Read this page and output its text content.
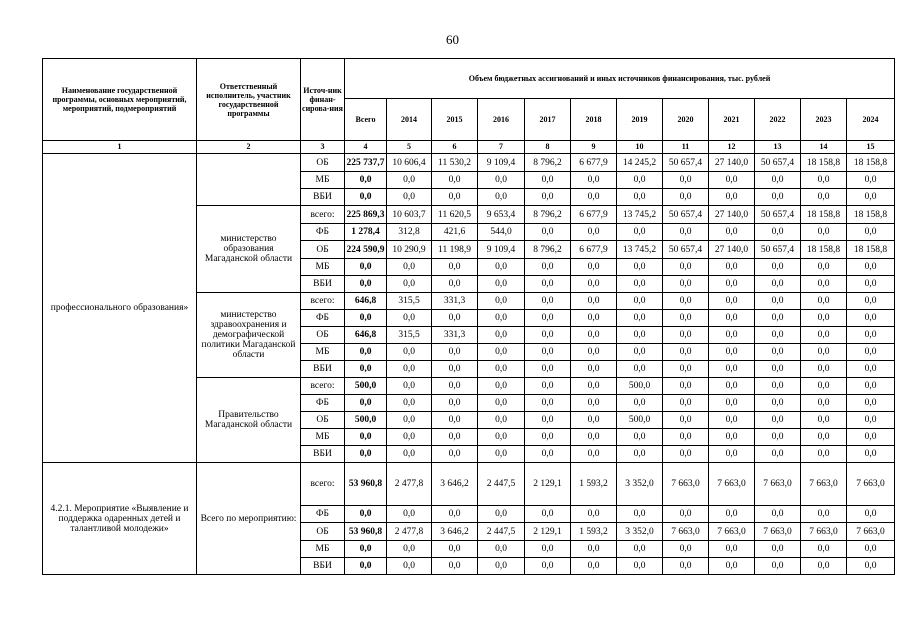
60
Наименование государственной программы, основных мероприятий, мероприятий, подмероприятий	Ответственный исполнитель, участник государственной программы	Источ-ник финан-сирова-ния	Объем бюджетных ассигнований и иных источников финансирования, тыс. рублей											
			Всего	2014	2015	2016	2017	2018	2019	2020	2021	2022	2023	2024
1	2	3	4	5	6	7	8	9	10	11	12	13	14	15
профессионального образования»		ОБ	225 737,7	10 606,4	11 530,2	9 109,4	8 796,2	6 677,9	14 245,2	50 657,4	27 140,0	50 657,4	18 158,8	18 158,8
		МБ	0,0	0,0	0,0	0,0	0,0	0,0	0,0	0,0	0,0	0,0	0,0	0,0
		ВБИ	0,0	0,0	0,0	0,0	0,0	0,0	0,0	0,0	0,0	0,0	0,0	0,0
	министерство образования Магаданской области	всего:	225 869,3	10 603,7	11 620,5	9 653,4	8 796,2	6 677,9	13 745,2	50 657,4	27 140,0	50 657,4	18 158,8	18 158,8
		ФБ	1 278,4	312,8	421,6	544,0	0,0	0,0	0,0	0,0	0,0	0,0	0,0	0,0
		ОБ	224 590,9	10 290,9	11 198,9	9 109,4	8 796,2	6 677,9	13 745,2	50 657,4	27 140,0	50 657,4	18 158,8	18 158,8
		МБ	0,0	0,0	0,0	0,0	0,0	0,0	0,0	0,0	0,0	0,0	0,0	0,0
		ВБИ	0,0	0,0	0,0	0,0	0,0	0,0	0,0	0,0	0,0	0,0	0,0	0,0
	министерство здравоохранения и демографической политики Магаданской области	всего:	646,8	315,5	331,3	0,0	0,0	0,0	0,0	0,0	0,0	0,0	0,0	0,0
		ФБ	0,0	0,0	0,0	0,0	0,0	0,0	0,0	0,0	0,0	0,0	0,0	0,0
		ОБ	646,8	315,5	331,3	0,0	0,0	0,0	0,0	0,0	0,0	0,0	0,0	0,0
		МБ	0,0	0,0	0,0	0,0	0,0	0,0	0,0	0,0	0,0	0,0	0,0	0,0
		ВБИ	0,0	0,0	0,0	0,0	0,0	0,0	0,0	0,0	0,0	0,0	0,0	0,0
	Правительство Магаданской области	всего:	500,0	0,0	0,0	0,0	0,0	0,0	500,0	0,0	0,0	0,0	0,0	0,0
		ФБ	0,0	0,0	0,0	0,0	0,0	0,0	0,0	0,0	0,0	0,0	0,0	0,0
		ОБ	500,0	0,0	0,0	0,0	0,0	0,0	500,0	0,0	0,0	0,0	0,0	0,0
		МБ	0,0	0,0	0,0	0,0	0,0	0,0	0,0	0,0	0,0	0,0	0,0	0,0
		ВБИ	0,0	0,0	0,0	0,0	0,0	0,0	0,0	0,0	0,0	0,0	0,0	0,0
4.2.1. Мероприятие «Выявление и поддержка одаренных детей и талантливой молодежи»	Всего по мероприятию:	всего:	53 960,8	2 477,8	3 646,2	2 447,5	2 129,1	1 593,2	3 352,0	7 663,0	7 663,0	7 663,0	7 663,0	7 663,0
		ФБ	0,0	0,0	0,0	0,0	0,0	0,0	0,0	0,0	0,0	0,0	0,0	0,0
		ОБ	53 960,8	2 477,8	3 646,2	2 447,5	2 129,1	1 593,2	3 352,0	7 663,0	7 663,0	7 663,0	7 663,0	7 663,0
		МБ	0,0	0,0	0,0	0,0	0,0	0,0	0,0	0,0	0,0	0,0	0,0	0,0
		ВБИ	0,0	0,0	0,0	0,0	0,0	0,0	0,0	0,0	0,0	0,0	0,0	0,0
